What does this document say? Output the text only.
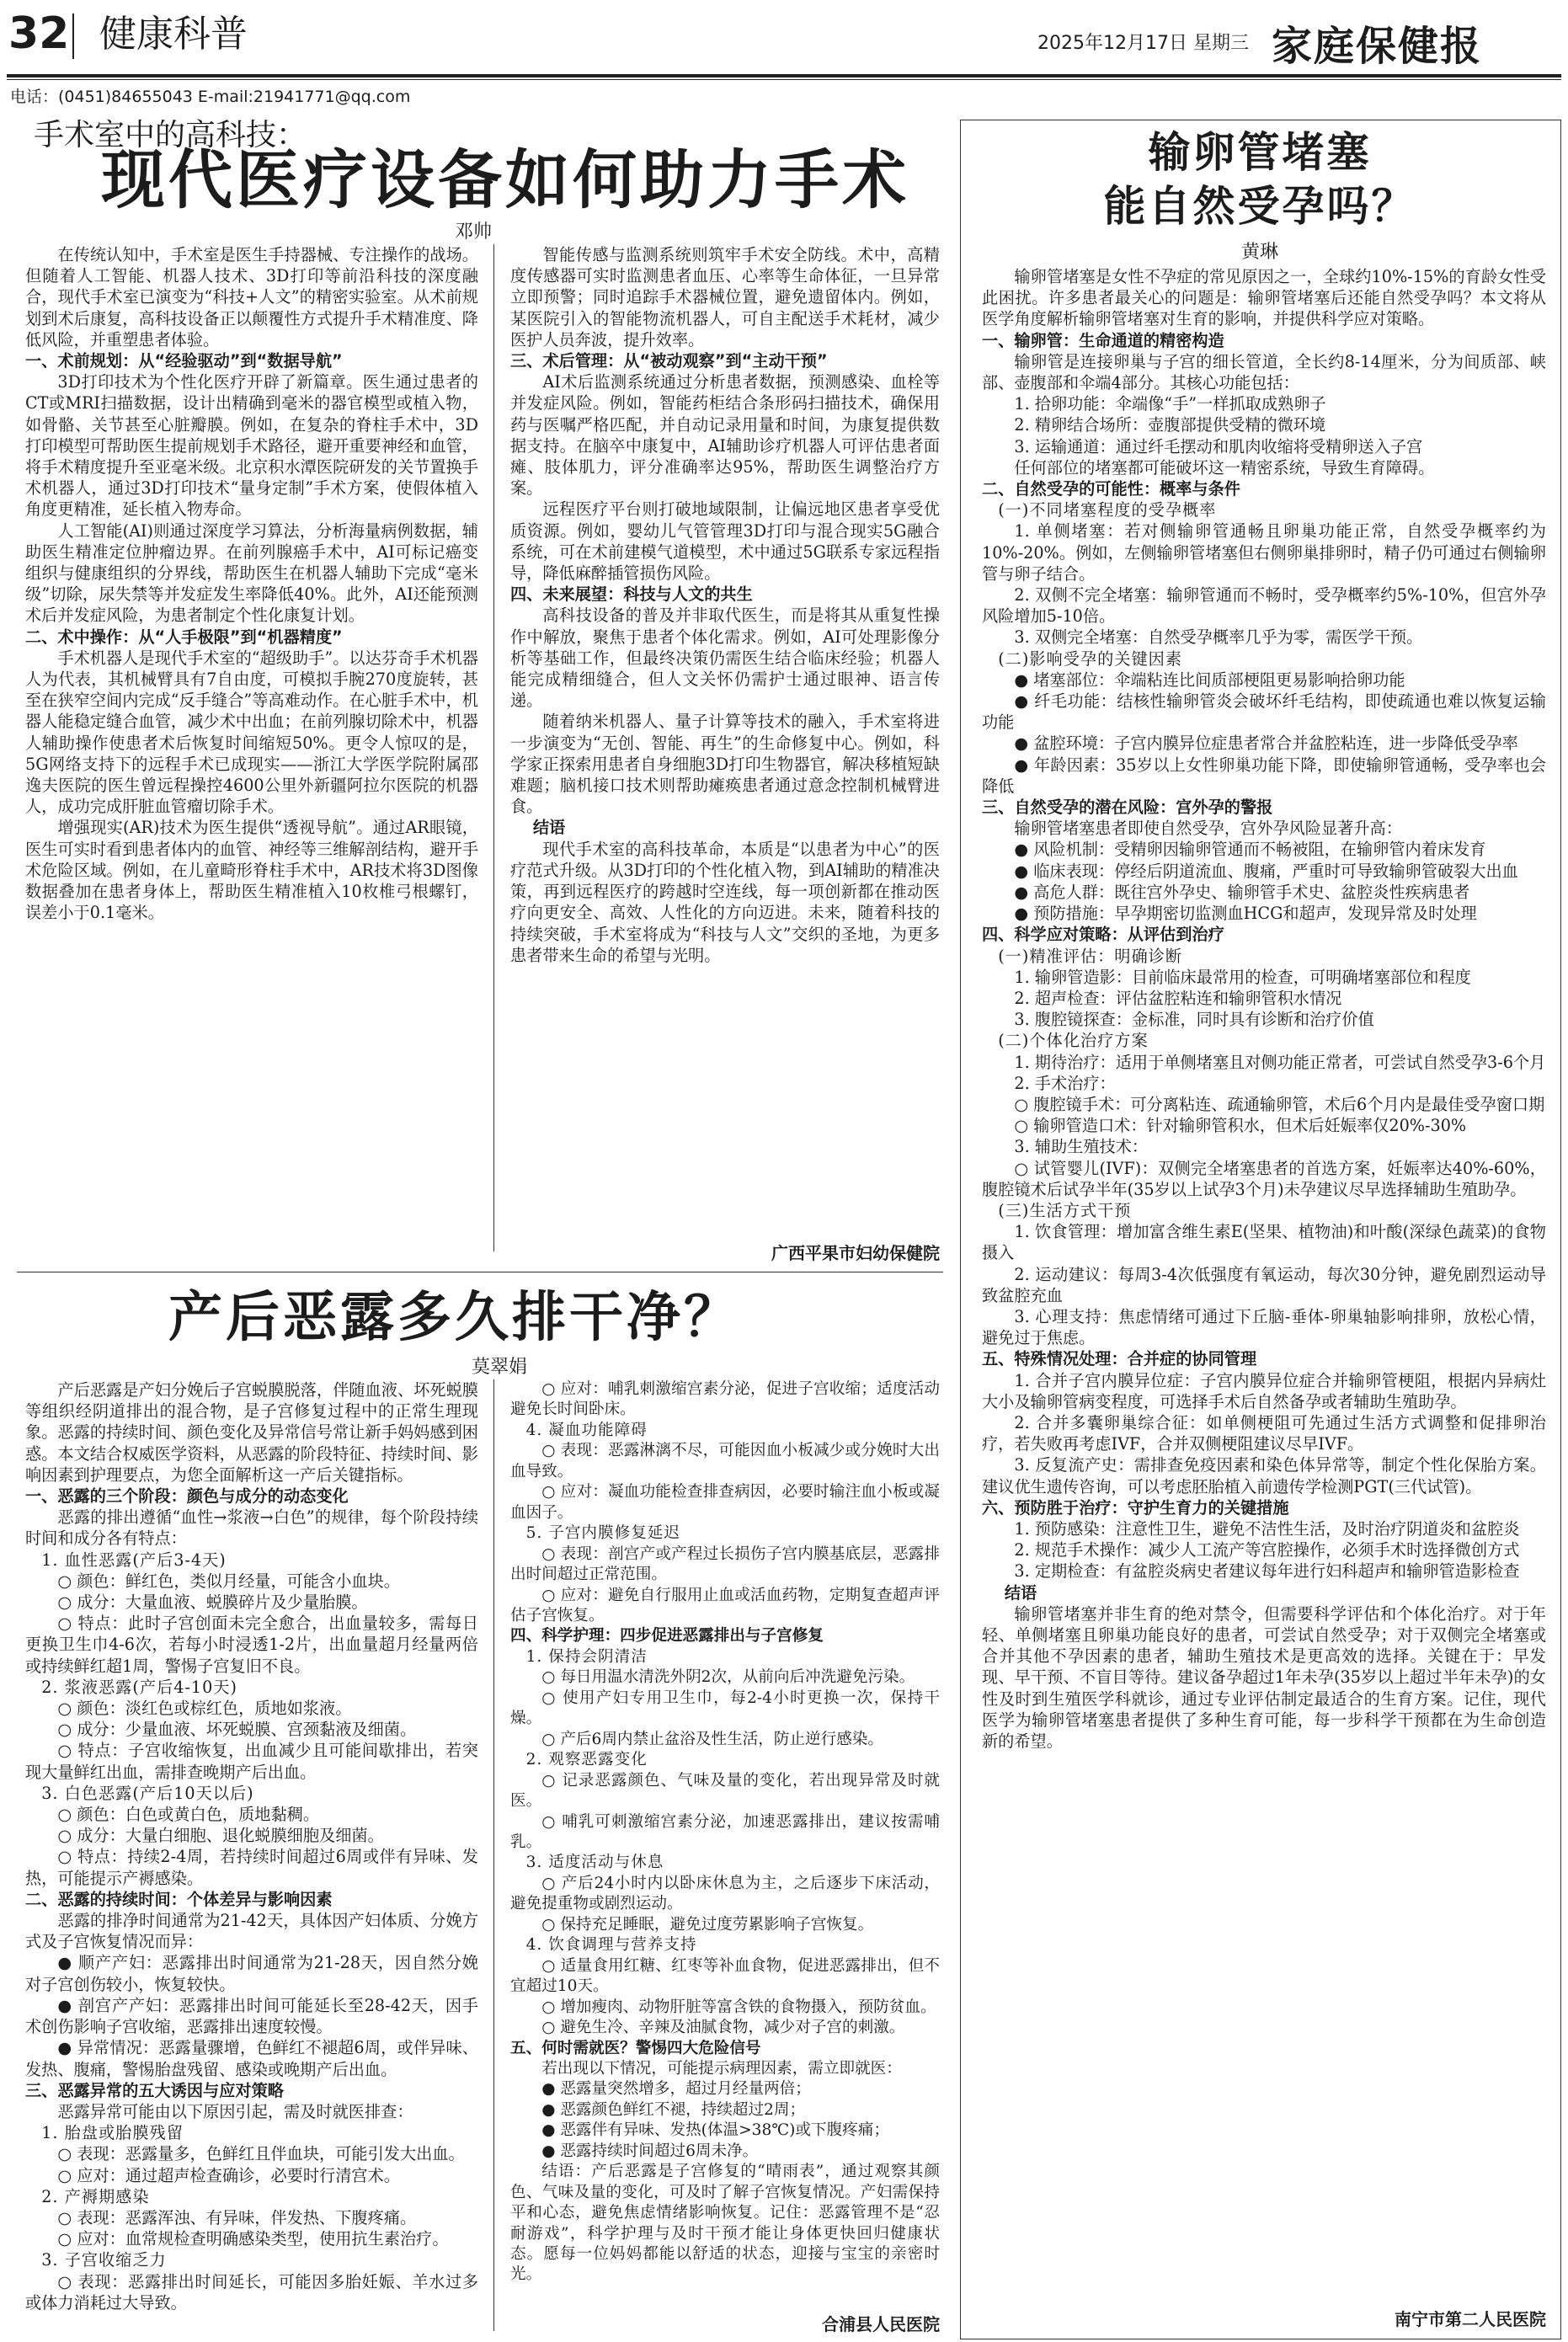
32 健康科普	2025年12月17日 星期三 家庭保健报
电话：(0451)84655043 E-mail:21941771@qq.com
手术室中的高科技：
现代医疗设备如何助力手术
邓帅

在传统认知中，手术室是医生手持器械、专注操作的战场。但随着人工智能、机器人技术、3D打印等前沿科技的深度融合，现代手术室已演变为“科技+人文”的精密实验室。从术前规划到术后康复，高科技设备正以颠覆性方式提升手术精准度、降低风险，并重塑患者体验。

一、术前规划：从“经验驱动”到“数据导航”

3D打印技术为个性化医疗开辟了新篇章。医生通过患者的CT或MRI扫描数据，设计出精确到毫米的器官模型或植入物，如骨骼、关节甚至心脏瓣膜。例如，在复杂的脊柱手术中，3D打印模型可帮助医生提前规划手术路径，避开重要神经和血管，将手术精度提升至亚毫米级。北京积水潭医院研发的关节置换手术机器人，通过3D打印技术“量身定制”手术方案，使假体植入角度更精准，延长植入物寿命。

人工智能(AI)则通过深度学习算法，分析海量病例数据，辅助医生精准定位肿瘤边界。在前列腺癌手术中，AI可标记癌变组织与健康组织的分界线，帮助医生在机器人辅助下完成“毫米级”切除，尿失禁等并发症发生率降低40%。此外，AI还能预测术后并发症风险，为患者制定个性化康复计划。

二、术中操作：从“人手极限”到“机器精度”

手术机器人是现代手术室的“超级助手”。以达芬奇手术机器人为代表，其机械臂具有7自由度，可模拟手腕270度旋转，甚至在狭窄空间内完成“反手缝合”等高难动作。在心脏手术中，机器人能稳定缝合血管，减少术中出血；在前列腺切除术中，机器人辅助操作使患者术后恢复时间缩短50%。更令人惊叹的是，5G网络支持下的远程手术已成现实——浙江大学医学院附属邵逸夫医院的医生曾远程操控4600公里外新疆阿拉尔医院的机器人，成功完成肝脏血管瘤切除手术。

增强现实(AR)技术为医生提供“透视导航”。通过AR眼镜，医生可实时看到患者体内的血管、神经等三维解剖结构，避开手术危险区域。例如，在儿童畸形脊柱手术中，AR技术将3D图像数据叠加在患者身体上，帮助医生精准植入10枚椎弓根螺钉，误差小于0.1毫米。

智能传感与监测系统则筑牢手术安全防线。术中，高精度传感器可实时监测患者血压、心率等生命体征，一旦异常立即预警；同时追踪手术器械位置，避免遗留体内。例如，某医院引入的智能物流机器人，可自主配送手术耗材，减少医护人员奔波，提升效率。

三、术后管理：从“被动观察”到“主动干预”

AI术后监测系统通过分析患者数据，预测感染、血栓等并发症风险。例如，智能药柜结合条形码扫描技术，确保用药与医嘱严格匹配，并自动记录用量和时间，为康复提供数据支持。在脑卒中康复中，AI辅助诊疗机器人可评估患者面瘫、肢体肌力，评分准确率达95%，帮助医生调整治疗方案。

远程医疗平台则打破地域限制，让偏远地区患者享受优质资源。例如，婴幼儿气管管理3D打印与混合现实5G融合系统，可在术前建模气道模型，术中通过5G联系专家远程指导，降低麻醉插管损伤风险。

四、未来展望：科技与人文的共生

高科技设备的普及并非取代医生，而是将其从重复性操作中解放，聚焦于患者个体化需求。例如，AI可处理影像分析等基础工作，但最终决策仍需医生结合临床经验；机器人能完成精细缝合，但人文关怀仍需护士通过眼神、语言传递。

随着纳米机器人、量子计算等技术的融入，手术室将进一步演变为“无创、智能、再生”的生命修复中心。例如，科学家正探索用患者自身细胞3D打印生物器官，解决移植短缺难题；脑机接口技术则帮助瘫痪患者通过意念控制机械臂进食。

结语

现代手术室的高科技革命，本质是“以患者为中心”的医疗范式升级。从3D打印的个性化植入物，到AI辅助的精准决策，再到远程医疗的跨越时空连线，每一项创新都在推动医疗向更安全、高效、人性化的方向迈进。未来，随着科技的持续突破，手术室将成为“科技与人文”交织的圣地，为更多患者带来生命的希望与光明。

广西平果市妇幼保健院
产后恶露多久排干净？
莫翠娟

产后恶露是产妇分娩后子宫蜕膜脱落，伴随血液、坏死蜕膜等组织经阴道排出的混合物，是子宫修复过程中的正常生理现象。恶露的持续时间、颜色变化及异常信号常让新手妈妈感到困惑。本文结合权威医学资料，从恶露的阶段特征、持续时间、影响因素到护理要点，为您全面解析这一产后关键指标。

一、恶露的三个阶段：颜色与成分的动态变化

恶露的排出遵循“血性→浆液→白色”的规律，每个阶段持续时间和成分各有特点：

1. 血性恶露(产后3-4天)

○ 颜色：鲜红色，类似月经量，可能含小血块。

○ 成分：大量血液、蜕膜碎片及少量胎膜。

○ 特点：此时子宫创面未完全愈合，出血量较多，需每日更换卫生巾4-6次，若每小时浸透1-2片，出血量超月经量两倍或持续鲜红超1周，警惕子宫复旧不良。

2. 浆液恶露(产后4-10天)

○ 颜色：淡红色或棕红色，质地如浆液。

○ 成分：少量血液、坏死蜕膜、宫颈黏液及细菌。

○ 特点：子宫收缩恢复，出血减少且可能间歇排出，若突现大量鲜红出血，需排查晚期产后出血。

3. 白色恶露(产后10天以后)

○ 颜色：白色或黄白色，质地黏稠。

○ 成分：大量白细胞、退化蜕膜细胞及细菌。

○ 特点：持续2-4周，若持续时间超过6周或伴有异味、发热，可能提示产褥感染。

二、恶露的持续时间：个体差异与影响因素

恶露的排净时间通常为21-42天，具体因产妇体质、分娩方式及子宫恢复情况而异：

● 顺产产妇：恶露排出时间通常为21-28天，因自然分娩对子宫创伤较小，恢复较快。

● 剖宫产产妇：恶露排出时间可能延长至28-42天，因手术创伤影响子宫收缩，恶露排出速度较慢。

● 异常情况：恶露量骤增，色鲜红不褪超6周，或伴异味、发热、腹痛，警惕胎盘残留、感染或晚期产后出血。

三、恶露异常的五大诱因与应对策略

恶露异常可能由以下原因引起，需及时就医排查：

1. 胎盘或胎膜残留

○ 表现：恶露量多，色鲜红且伴血块，可能引发大出血。

○ 应对：通过超声检查确诊，必要时行清宫术。

2. 产褥期感染

○ 表现：恶露浑浊、有异味，伴发热、下腹疼痛。

○ 应对：血常规检查明确感染类型，使用抗生素治疗。

3. 子宫收缩乏力

○ 表现：恶露排出时间延长，可能因多胎妊娠、羊水过多或体力消耗过大导致。

○ 应对：哺乳刺激缩宫素分泌，促进子宫收缩；适度活动避免长时间卧床。

4. 凝血功能障碍

○ 表现：恶露淋漓不尽，可能因血小板减少或分娩时大出血导致。

○ 应对：凝血功能检查排查病因，必要时输注血小板或凝血因子。

5. 子宫内膜修复延迟

○ 表现：剖宫产或产程过长损伤子宫内膜基底层，恶露排出时间超过正常范围。

○ 应对：避免自行服用止血或活血药物，定期复查超声评估子宫恢复。

四、科学护理：四步促进恶露排出与子宫修复

1. 保持会阴清洁

○ 每日用温水清洗外阴2次，从前向后冲洗避免污染。

○ 使用产妇专用卫生巾，每2-4小时更换一次，保持干燥。

○ 产后6周内禁止盆浴及性生活，防止逆行感染。

2. 观察恶露变化

○ 记录恶露颜色、气味及量的变化，若出现异常及时就医。

○ 哺乳可刺激缩宫素分泌，加速恶露排出，建议按需哺乳。

3. 适度活动与休息

○ 产后24小时内以卧床休息为主，之后逐步下床活动，避免提重物或剧烈运动。

○ 保持充足睡眠，避免过度劳累影响子宫恢复。

4. 饮食调理与营养支持

○ 适量食用红糖、红枣等补血食物，促进恶露排出，但不宜超过10天。

○ 增加瘦肉、动物肝脏等富含铁的食物摄入，预防贫血。

○ 避免生冷、辛辣及油腻食物，减少对子宫的刺激。

五、何时需就医？警惕四大危险信号

若出现以下情况，可能提示病理因素，需立即就医：

● 恶露量突然增多，超过月经量两倍；

● 恶露颜色鲜红不褪，持续超过2周；

● 恶露伴有异味、发热(体温>38℃)或下腹疼痛；

● 恶露持续时间超过6周未净。

结语：产后恶露是子宫修复的“晴雨表”，通过观察其颜色、气味及量的变化，可及时了解子宫恢复情况。产妇需保持平和心态，避免焦虑情绪影响恢复。记住：恶露管理不是“忍耐游戏”，科学护理与及时干预才能让身体更快回归健康状态。愿每一位妈妈都能以舒适的状态，迎接与宝宝的亲密时光。

合浦县人民医院
输卵管堵塞
能自然受孕吗？
黄琳

输卵管堵塞是女性不孕症的常见原因之一，全球约10%-15%的育龄女性受此困扰。许多患者最关心的问题是：输卵管堵塞后还能自然受孕吗？本文将从医学角度解析输卵管堵塞对生育的影响，并提供科学应对策略。

一、输卵管：生命通道的精密构造

输卵管是连接卵巢与子宫的细长管道，全长约8-14厘米，分为间质部、峡部、壶腹部和伞端4部分。其核心功能包括：

1. 拾卵功能：伞端像“手”一样抓取成熟卵子

2. 精卵结合场所：壶腹部提供受精的微环境

3. 运输通道：通过纤毛摆动和肌肉收缩将受精卵送入子宫

任何部位的堵塞都可能破坏这一精密系统，导致生育障碍。

二、自然受孕的可能性：概率与条件

(一)不同堵塞程度的受孕概率

1. 单侧堵塞：若对侧输卵管通畅且卵巢功能正常，自然受孕概率约为10%-20%。例如，左侧输卵管堵塞但右侧卵巢排卵时，精子仍可通过右侧输卵管与卵子结合。

2. 双侧不完全堵塞：输卵管通而不畅时，受孕概率约5%-10%，但宫外孕风险增加5-10倍。

3. 双侧完全堵塞：自然受孕概率几乎为零，需医学干预。

(二)影响受孕的关键因素

● 堵塞部位：伞端粘连比间质部梗阻更易影响拾卵功能

● 纤毛功能：结核性输卵管炎会破坏纤毛结构，即使疏通也难以恢复运输功能

● 盆腔环境：子宫内膜异位症患者常合并盆腔粘连，进一步降低受孕率

● 年龄因素：35岁以上女性卵巢功能下降，即使输卵管通畅，受孕率也会降低

三、自然受孕的潜在风险：宫外孕的警报

输卵管堵塞患者即使自然受孕，宫外孕风险显著升高：

● 风险机制：受精卵因输卵管通而不畅被阻，在输卵管内着床发育

● 临床表现：停经后阴道流血、腹痛，严重时可导致输卵管破裂大出血

● 高危人群：既往宫外孕史、输卵管手术史、盆腔炎性疾病患者

● 预防措施：早孕期密切监测血HCG和超声，发现异常及时处理

四、科学应对策略：从评估到治疗

(一)精准评估：明确诊断

1. 输卵管造影：目前临床最常用的检查，可明确堵塞部位和程度

2. 超声检查：评估盆腔粘连和输卵管积水情况

3. 腹腔镜探查：金标准，同时具有诊断和治疗价值

(二)个体化治疗方案

1. 期待治疗：适用于单侧堵塞且对侧功能正常者，可尝试自然受孕3-6个月

2. 手术治疗：

○ 腹腔镜手术：可分离粘连、疏通输卵管，术后6个月内是最佳受孕窗口期

○ 输卵管造口术：针对输卵管积水，但术后妊娠率仅20%-30%

3. 辅助生殖技术：

○ 试管婴儿(IVF)：双侧完全堵塞患者的首选方案，妊娠率达40%-60%，腹腔镜术后试孕半年(35岁以上试孕3个月)未孕建议尽早选择辅助生殖助孕。

(三)生活方式干预

1. 饮食管理：增加富含维生素E(坚果、植物油)和叶酸(深绿色蔬菜)的食物摄入

2. 运动建议：每周3-4次低强度有氧运动，每次30分钟，避免剧烈运动导致盆腔充血

3. 心理支持：焦虑情绪可通过下丘脑-垂体-卵巢轴影响排卵，放松心情，避免过于焦虑。

五、特殊情况处理：合并症的协同管理

1. 合并子宫内膜异位症：子宫内膜异位症合并输卵管梗阻，根据内异病灶大小及输卵管病变程度，可选择手术后自然备孕或者辅助生殖助孕。

2. 合并多囊卵巢综合征：如单侧梗阻可先通过生活方式调整和促排卵治疗，若失败再考虑IVF，合并双侧梗阻建议尽早IVF。

3. 反复流产史：需排查免疫因素和染色体异常等，制定个性化保胎方案。建议优生遗传咨询，可以考虑胚胎植入前遗传学检测PGT(三代试管)。

六、预防胜于治疗：守护生育力的关键措施

1. 预防感染：注意性卫生，避免不洁性生活，及时治疗阴道炎和盆腔炎

2. 规范手术操作：减少人工流产等宫腔操作，必须手术时选择微创方式

3. 定期检查：有盆腔炎病史者建议每年进行妇科超声和输卵管造影检查

结语

输卵管堵塞并非生育的绝对禁令，但需要科学评估和个体化治疗。对于年轻、单侧堵塞且卵巢功能良好的患者，可尝试自然受孕；对于双侧完全堵塞或合并其他不孕因素的患者，辅助生殖技术是更高效的选择。关键在于：早发现、早干预、不盲目等待。建议备孕超过1年未孕(35岁以上超过半年未孕)的女性及时到生殖医学科就诊，通过专业评估制定最适合的生育方案。记住，现代医学为输卵管堵塞患者提供了多种生育可能，每一步科学干预都在为生命创造新的希望。

南宁市第二人民医院
